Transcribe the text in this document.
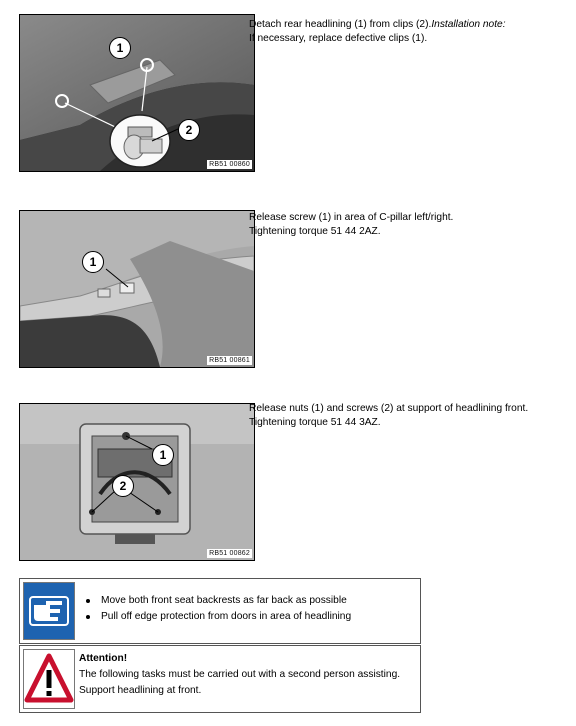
1
2
RB51 00860

Detach rear headlining (1) from clips (2).Installation note:

If necessary, replace defective clips (1).

1
RB51 00861

Release screw (1) in area of C-pillar left/right.

Tightening torque 51 44 2AZ.

1
2
RB51 00862

Release nuts (1) and screws (2) at support of headlining front.

Tightening torque 51 44 3AZ.

Move both front seat backrests as far back as possible
Pull off edge protection from doors in area of headlining
Attention!
The following tasks must be carried out with a second person assisting.
Support headlining at front.
